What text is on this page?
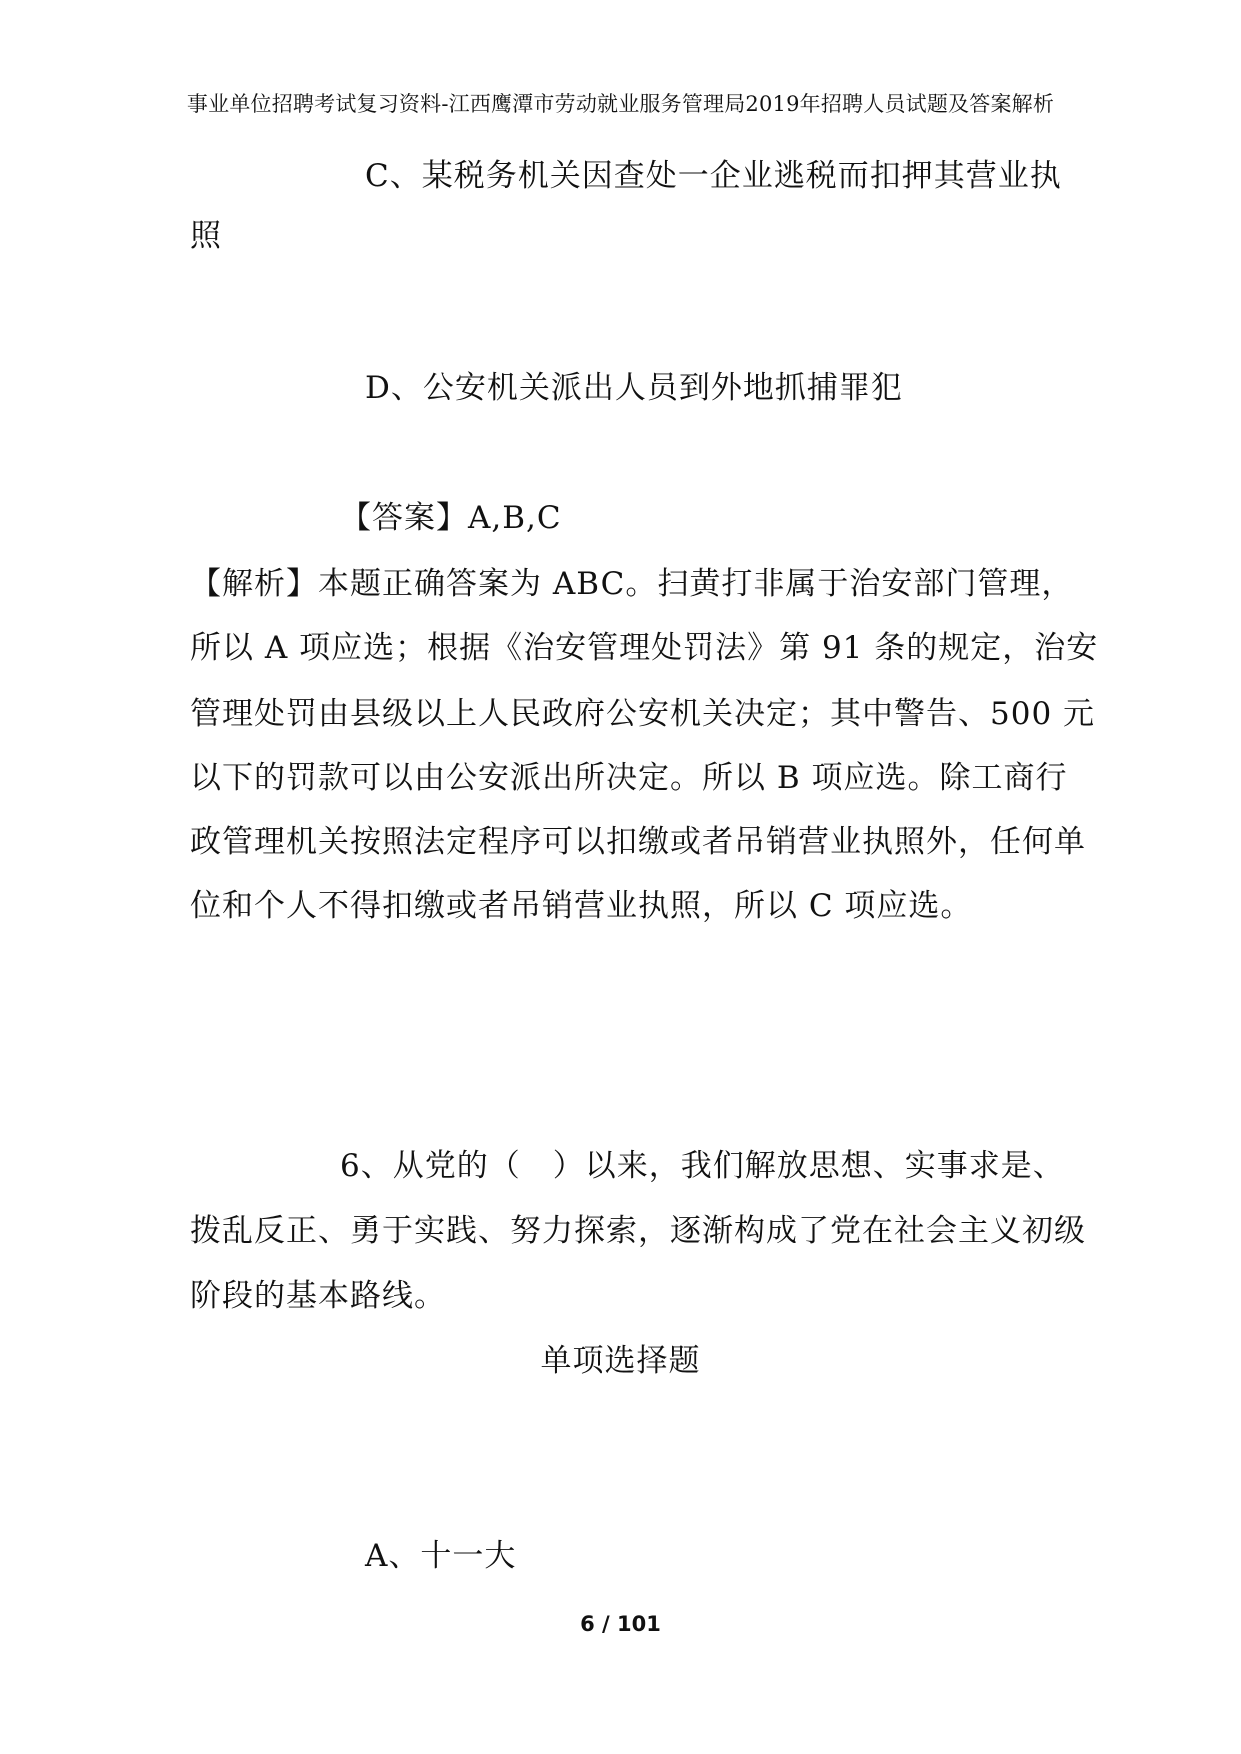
事业单位招聘考试复习资料-江西鹰潭市劳动就业服务管理局2019年招聘人员试题及答案解析
C、某税务机关因查处一企业逃税而扣押其营业执
照
D、公安机关派出人员到外地抓捕罪犯
【答案】A,B,C
【解析】本题正确答案为 ABC。扫黄打非属于治安部门管理，
所以 A 项应选；根据《治安管理处罚法》第 91 条的规定，治安
管理处罚由县级以上人民政府公安机关决定；其中警告、500 元
以下的罚款可以由公安派出所决定。所以 B 项应选。除工商行
政管理机关按照法定程序可以扣缴或者吊销营业执照外，任何单
位和个人不得扣缴或者吊销营业执照，所以 C 项应选。
6、从党的（　）以来，我们解放思想、实事求是、
拨乱反正、勇于实践、努力探索，逐渐构成了党在社会主义初级
阶段的基本路线。
单项选择题
A、十一大
6 / 101
